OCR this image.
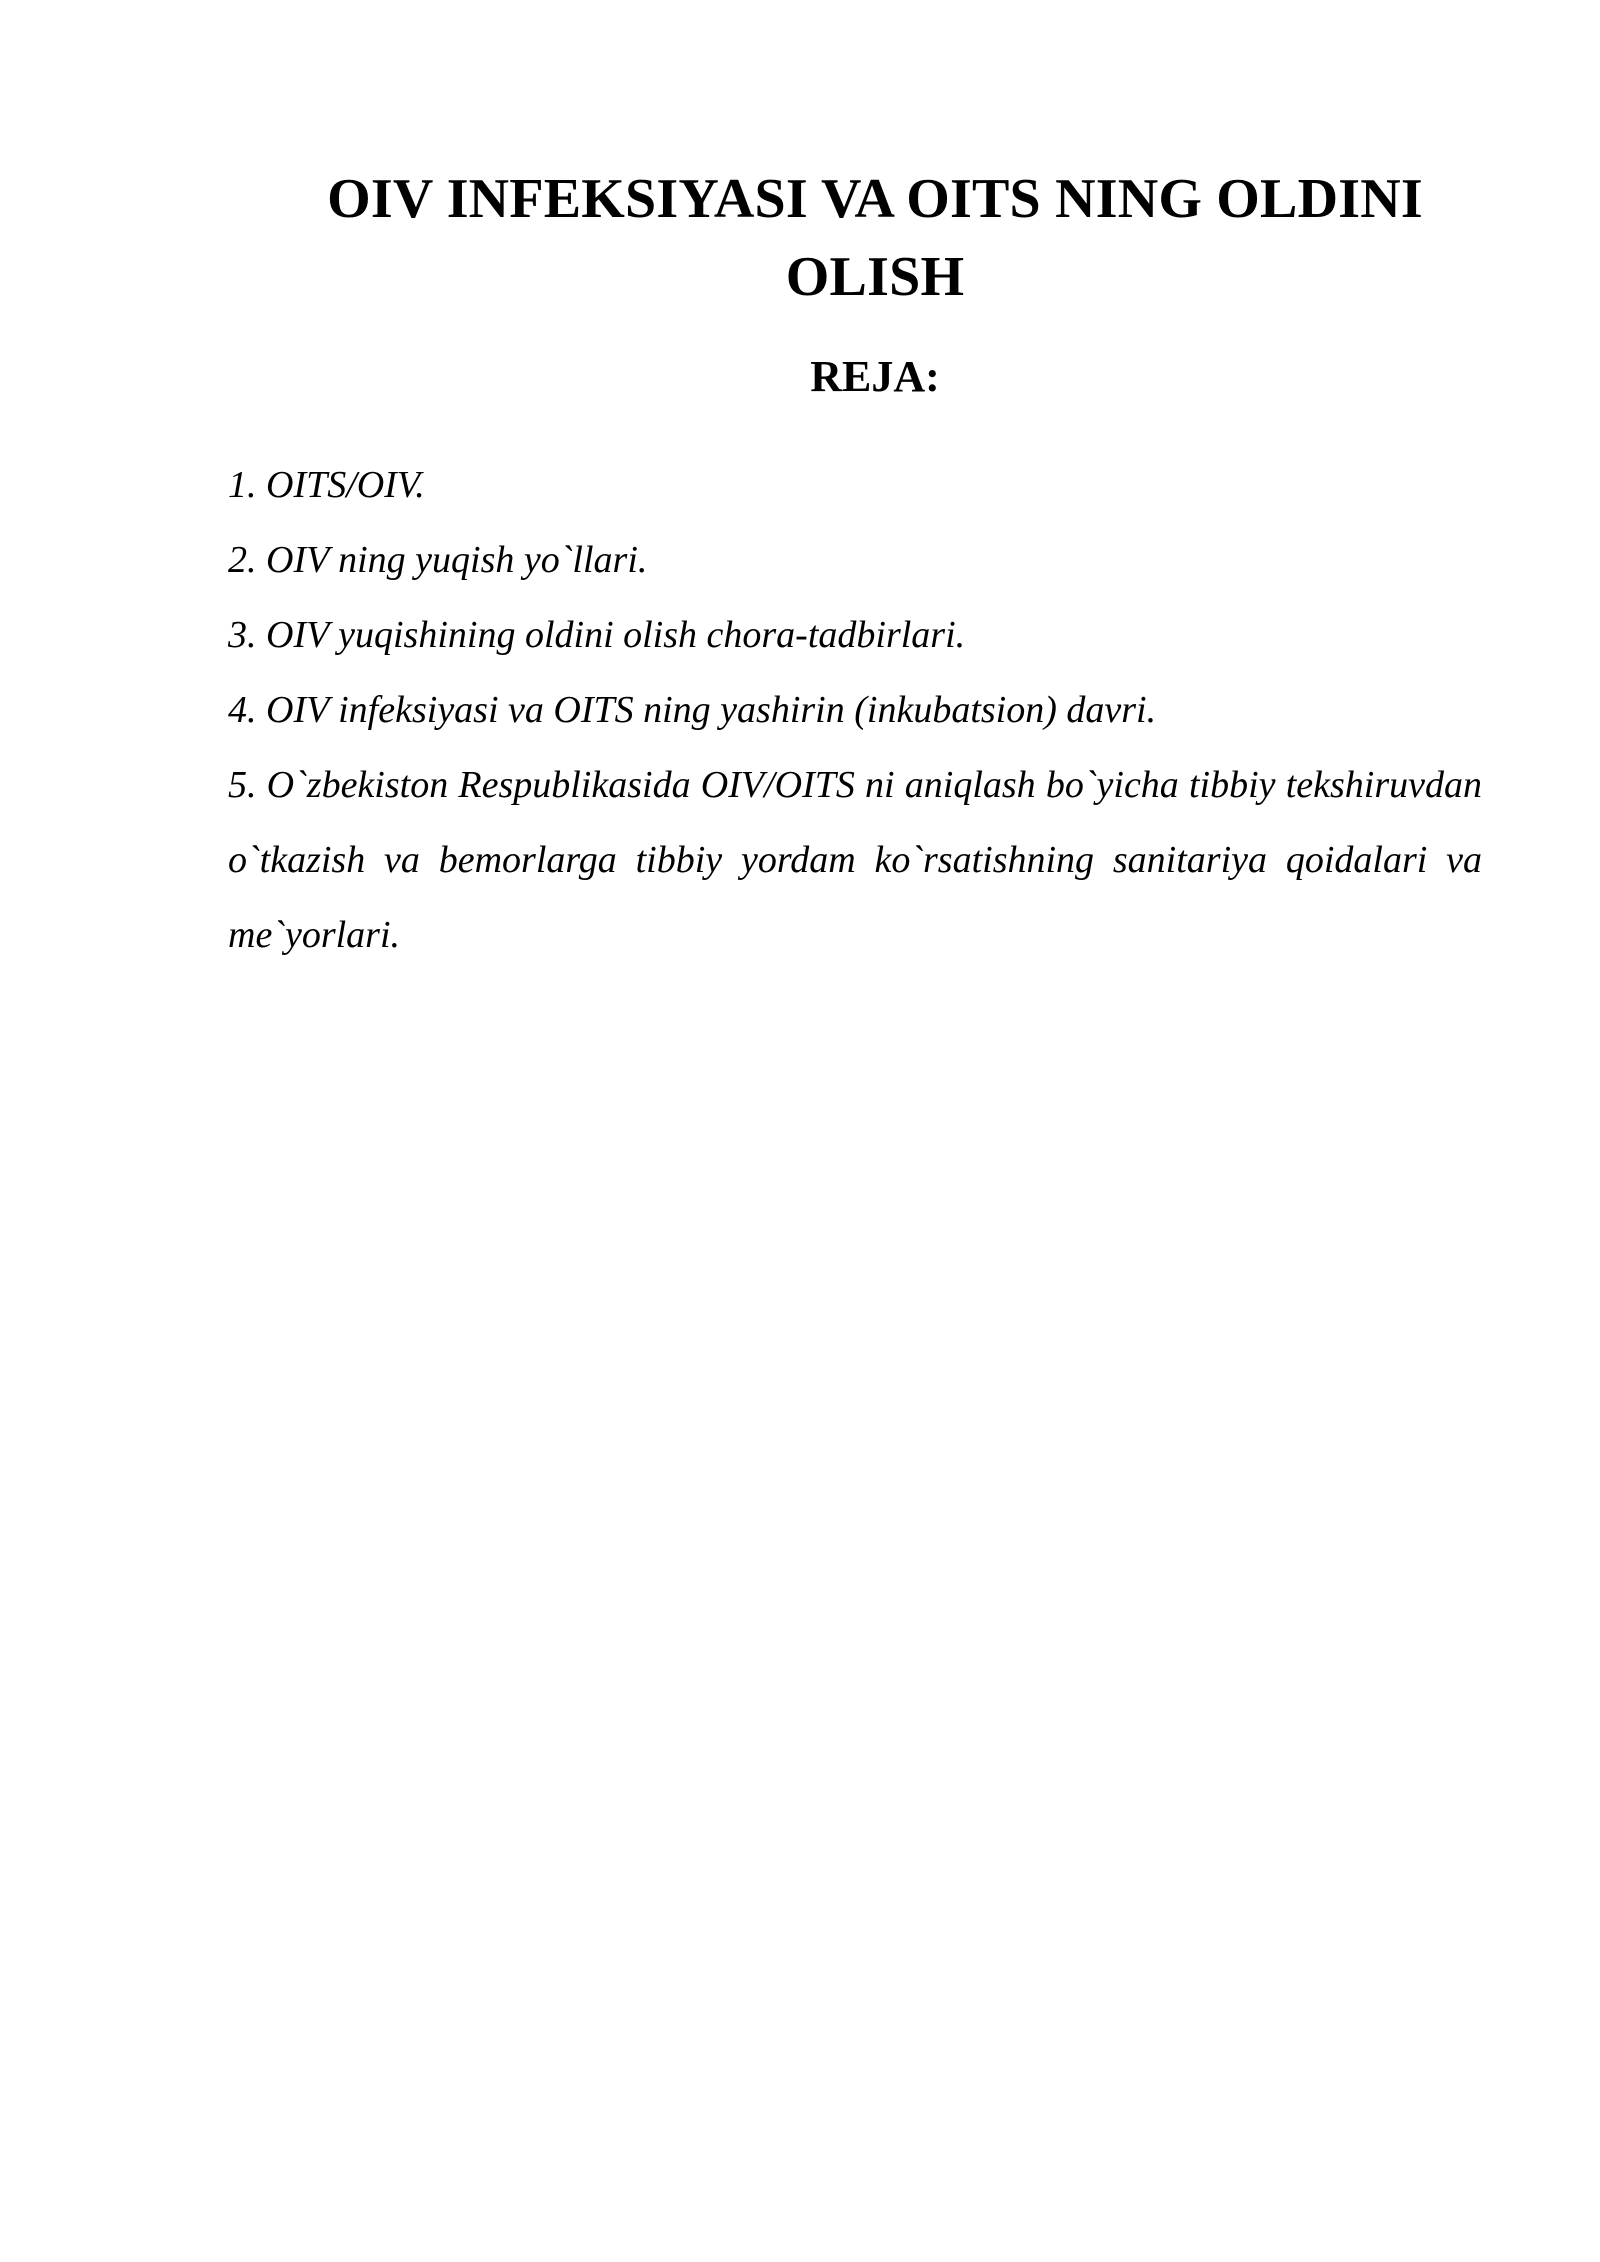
OIV INFEKSIYASI VA OITS NING OLDINI OLISH
REJA:
1. OITS/OIV.
2. OIV ning yuqish yo`llari.
3. OIV yuqishining oldini olish chora-tadbirlari.
4. OIV infeksiyasi va OITS ning yashirin (inkubatsion) davri.
5. O`zbekiston Respublikasida OIV/OITS ni aniqlash bo`yicha tibbiy tekshiruvdan o`tkazish va bemorlarga tibbiy yordam ko`rsatishning sanitariya qoidalari va me`yorlari.
